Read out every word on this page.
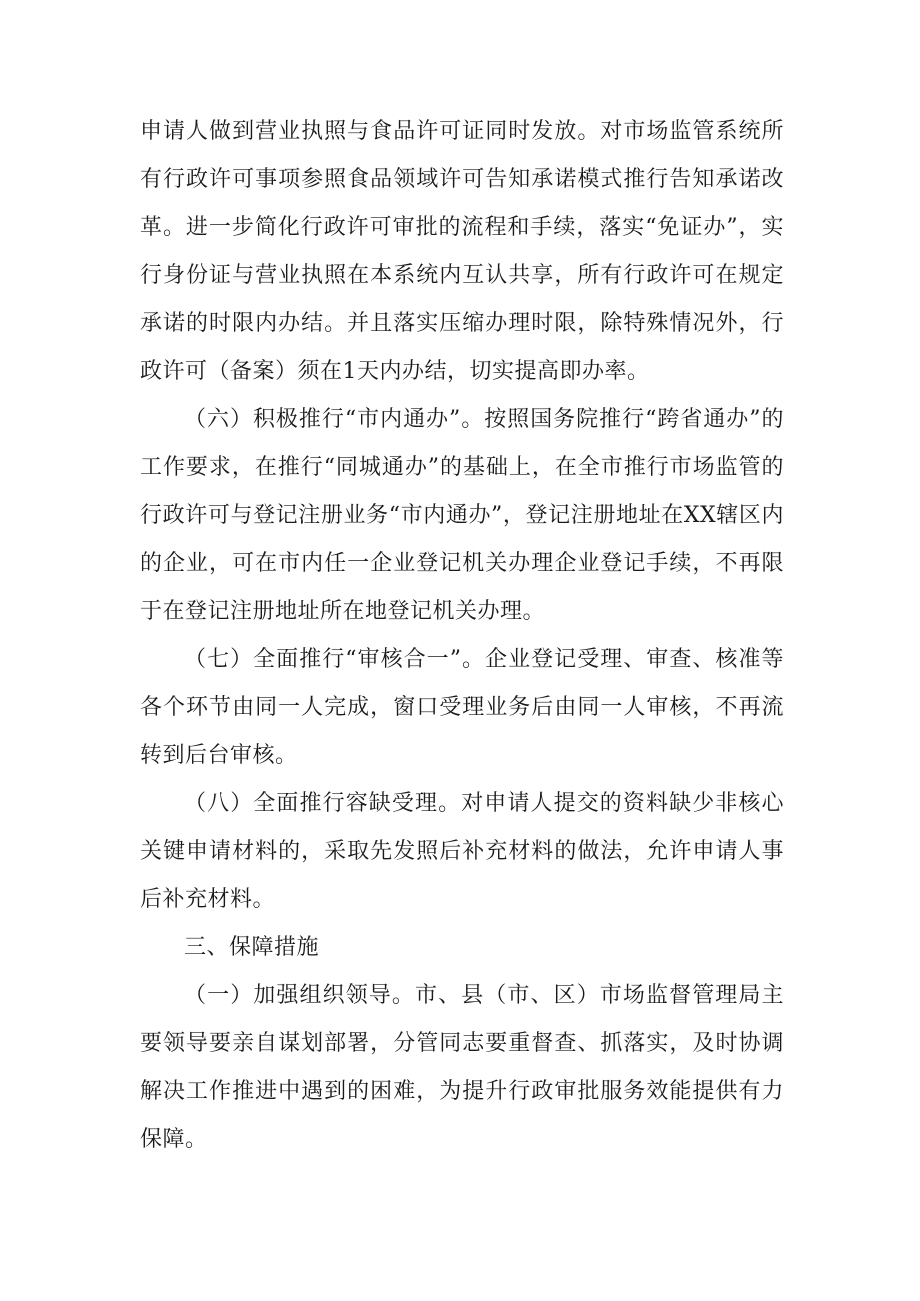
申请人做到营业执照与食品许可证同时发放。对市场监管系统所有行政许可事项参照食品领域许可告知承诺模式推行告知承诺改革。进一步简化行政许可审批的流程和手续，落实“免证办”，实行身份证与营业执照在本系统内互认共享，所有行政许可在规定承诺的时限内办结。并且落实压缩办理时限，除特殊情况外，行政许可（备案）须在1天内办结，切实提高即办率。

（六）积极推行“市内通办”。按照国务院推行“跨省通办”的工作要求，在推行“同城通办”的基础上，在全市推行市场监管的行政许可与登记注册业务“市内通办”，登记注册地址在XX辖区内的企业，可在市内任一企业登记机关办理企业登记手续，不再限于在登记注册地址所在地登记机关办理。

（七）全面推行“审核合一”。企业登记受理、审查、核准等各个环节由同一人完成，窗口受理业务后由同一人审核，不再流转到后台审核。

（八）全面推行容缺受理。对申请人提交的资料缺少非核心关键申请材料的，采取先发照后补充材料的做法，允许申请人事后补充材料。

三、保障措施

（一）加强组织领导。市、县（市、区）市场监督管理局主要领导要亲自谋划部署，分管同志要重督查、抓落实，及时协调解决工作推进中遇到的困难，为提升行政审批服务效能提供有力保障。
